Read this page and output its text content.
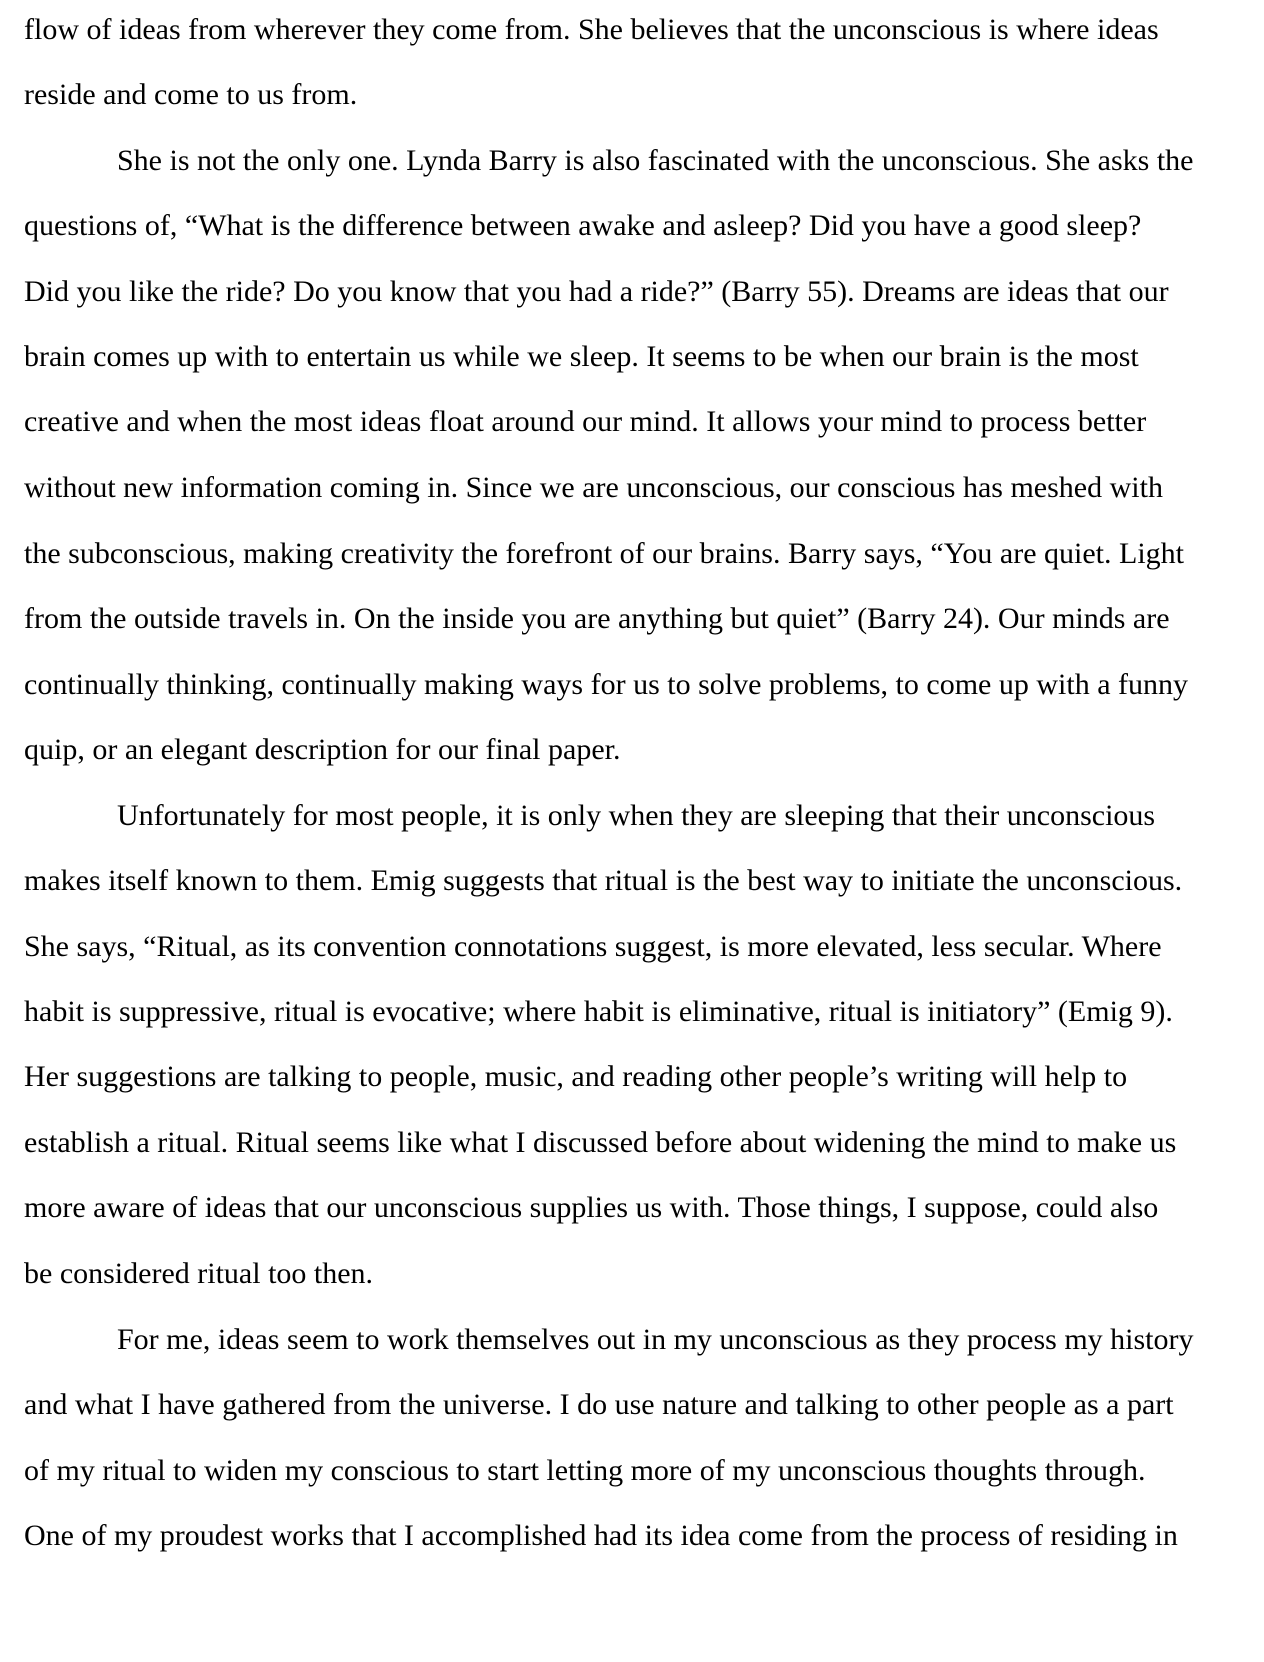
flow of ideas from wherever they come from. She believes that the unconscious is where ideas
reside and come to us from.
She is not the only one. Lynda Barry is also fascinated with the unconscious. She asks the
questions of, “What is the difference between awake and asleep? Did you have a good sleep?
Did you like the ride? Do you know that you had a ride?” (Barry 55). Dreams are ideas that our
brain comes up with to entertain us while we sleep. It seems to be when our brain is the most
creative and when the most ideas float around our mind. It allows your mind to process better
without new information coming in. Since we are unconscious, our conscious has meshed with
the subconscious, making creativity the forefront of our brains. Barry says, “You are quiet. Light
from the outside travels in. On the inside you are anything but quiet” (Barry 24). Our minds are
continually thinking, continually making ways for us to solve problems, to come up with a funny
quip, or an elegant description for our final paper.
Unfortunately for most people, it is only when they are sleeping that their unconscious
makes itself known to them. Emig suggests that ritual is the best way to initiate the unconscious.
She says, “Ritual, as its convention connotations suggest, is more elevated, less secular. Where
habit is suppressive, ritual is evocative; where habit is eliminative, ritual is initiatory” (Emig 9).
Her suggestions are talking to people, music, and reading other people’s writing will help to
establish a ritual. Ritual seems like what I discussed before about widening the mind to make us
more aware of ideas that our unconscious supplies us with. Those things, I suppose, could also
be considered ritual too then.
For me, ideas seem to work themselves out in my unconscious as they process my history
and what I have gathered from the universe. I do use nature and talking to other people as a part
of my ritual to widen my conscious to start letting more of my unconscious thoughts through.
One of my proudest works that I accomplished had its idea come from the process of residing in
